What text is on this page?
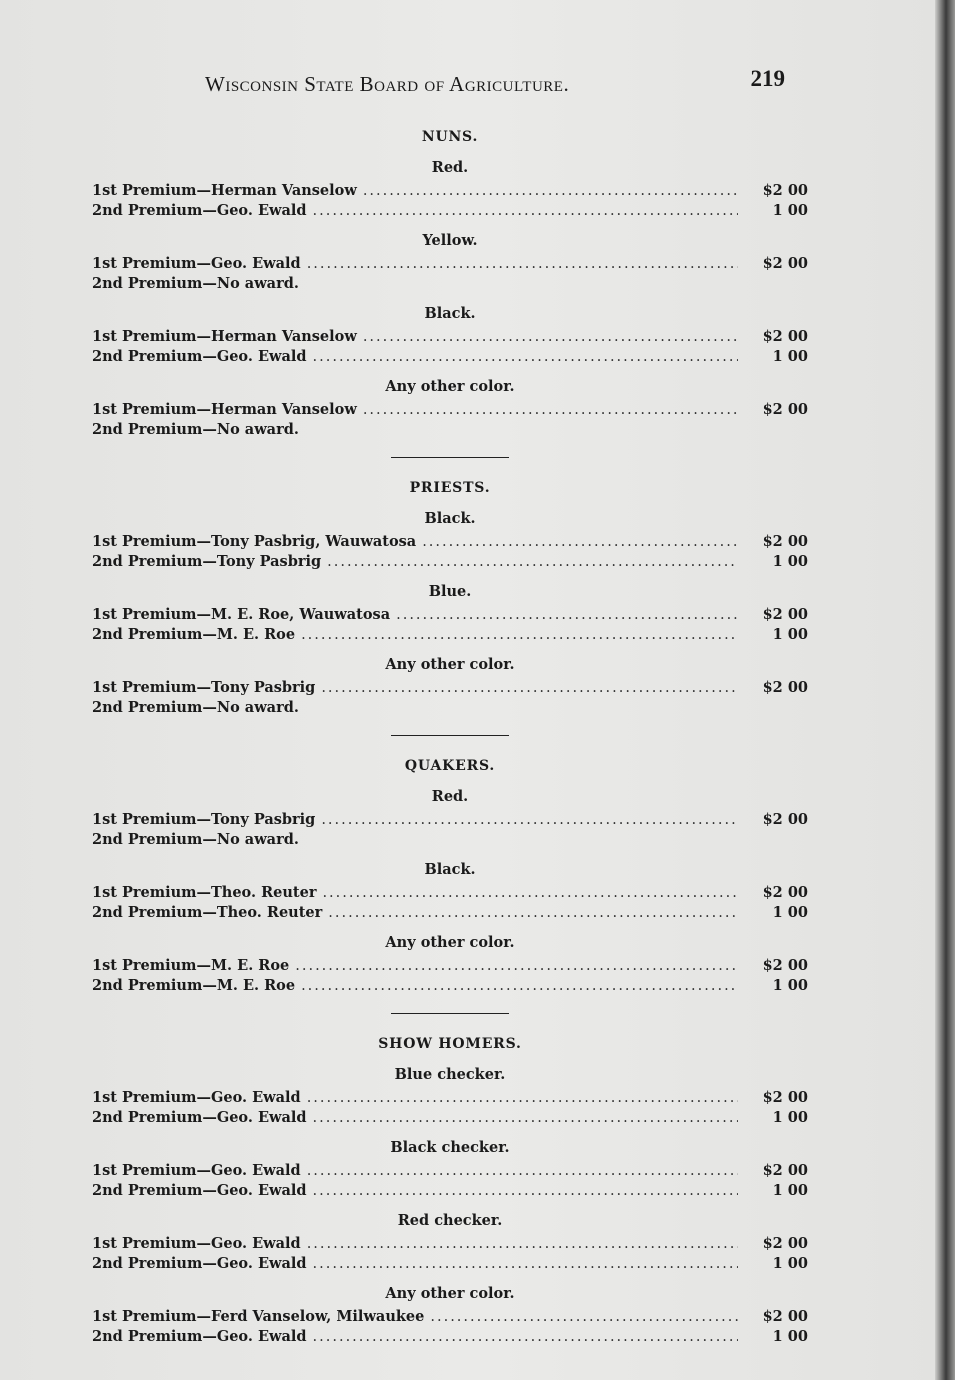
Wisconsin State Board of Agriculture.	219
NUNS.
Red.
1st Premium—Herman Vanselow .....	$2 00
2nd Premium—Geo. Ewald .....	1 00
Yellow.
1st Premium—Geo. Ewald .....	$2 00
2nd Premium—No award.
Black.
1st Premium—Herman Vanselow .....	$2 00
2nd Premium—Geo. Ewald .....	1 00
Any other color.
1st Premium—Herman Vanselow .....	$2 00
2nd Premium—No award.
PRIESTS.
Black.
1st Premium—Tony Pasbrig, Wauwatosa .....	$2 00
2nd Premium—Tony Pasbrig .....	1 00
Blue.
1st Premium—M. E. Roe, Wauwatosa .....	$2 00
2nd Premium—M. E. Roe .....	1 00
Any other color.
1st Premium—Tony Pasbrig .....	$2 00
2nd Premium—No award.
QUAKERS.
Red.
1st Premium—Tony Pasbrig .....	$2 00
2nd Premium—No award.
Black.
1st Premium—Theo. Reuter .....	$2 00
2nd Premium—Theo. Reuter .....	1 00
Any other color.
1st Premium—M. E. Roe .....	$2 00
2nd Premium—M. E. Roe .....	1 00
SHOW HOMERS.
Blue checker.
1st Premium—Geo. Ewald .....	$2 00
2nd Premium—Geo. Ewald .....	1 00
Black checker.
1st Premium—Geo. Ewald .....	$2 00
2nd Premium—Geo. Ewald .....	1 00
Red checker.
1st Premium—Geo. Ewald .....	$2 00
2nd Premium—Geo. Ewald .....	1 00
Any other color.
1st Premium—Ferd Vanselow, Milwaukee .....	$2 00
2nd Premium—Geo. Ewald .....	1 00
